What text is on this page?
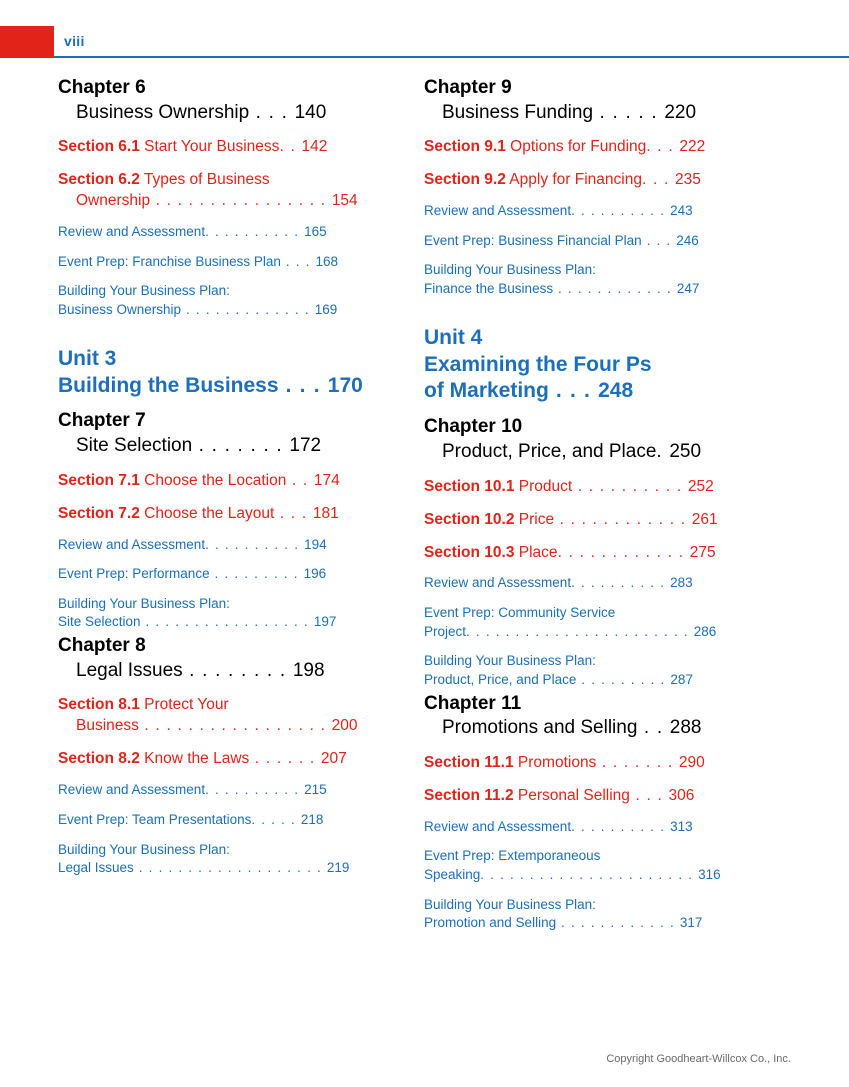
viii
Chapter 6
Business Ownership . . . 140
Section 6.1 Start Your Business. . 142
Section 6.2 Types of Business
Ownership . . . . . . . . . . . . . . . . 154
Review and Assessment. . . . . . . . . . 165
Event Prep: Franchise Business Plan . . . 168
Building Your Business Plan:
Business Ownership . . . . . . . . . . . . . 169
Unit 3
Building the Business . . . 170
Chapter 7
Site Selection . . . . . . . 172
Section 7.1 Choose the Location . . 174
Section 7.2 Choose the Layout . . . 181
Review and Assessment. . . . . . . . . . 194
Event Prep: Performance . . . . . . . . . 196
Building Your Business Plan:
Site Selection . . . . . . . . . . . . . . . . . 197
Chapter 8
Legal Issues . . . . . . . . 198
Section 8.1 Protect Your
Business . . . . . . . . . . . . . . . . . 200
Section 8.2 Know the Laws . . . . . . 207
Review and Assessment. . . . . . . . . . 215
Event Prep: Team Presentations. . . . . 218
Building Your Business Plan:
Legal Issues . . . . . . . . . . . . . . . . . . . 219
Chapter 9
Business Funding . . . . . 220
Section 9.1 Options for Funding. . . 222
Section 9.2 Apply for Financing. . . 235
Review and Assessment. . . . . . . . . . 243
Event Prep: Business Financial Plan . . . 246
Building Your Business Plan:
Finance the Business . . . . . . . . . . . . 247
Unit 4
Examining the Four Ps
of Marketing . . . 248
Chapter 10
Product, Price, and Place. 250
Section 10.1 Product . . . . . . . . . . 252
Section 10.2 Price . . . . . . . . . . . . 261
Section 10.3 Place. . . . . . . . . . . . 275
Review and Assessment. . . . . . . . . . 283
Event Prep: Community Service
Project. . . . . . . . . . . . . . . . . . . . . . . 286
Building Your Business Plan:
Product, Price, and Place . . . . . . . . . 287
Chapter 11
Promotions and Selling . . 288
Section 11.1 Promotions . . . . . . . 290
Section 11.2 Personal Selling . . . 306
Review and Assessment. . . . . . . . . . 313
Event Prep: Extemporaneous
Speaking. . . . . . . . . . . . . . . . . . . . . . 316
Building Your Business Plan:
Promotion and Selling . . . . . . . . . . . . 317
Copyright Goodheart-Willcox Co., Inc.
